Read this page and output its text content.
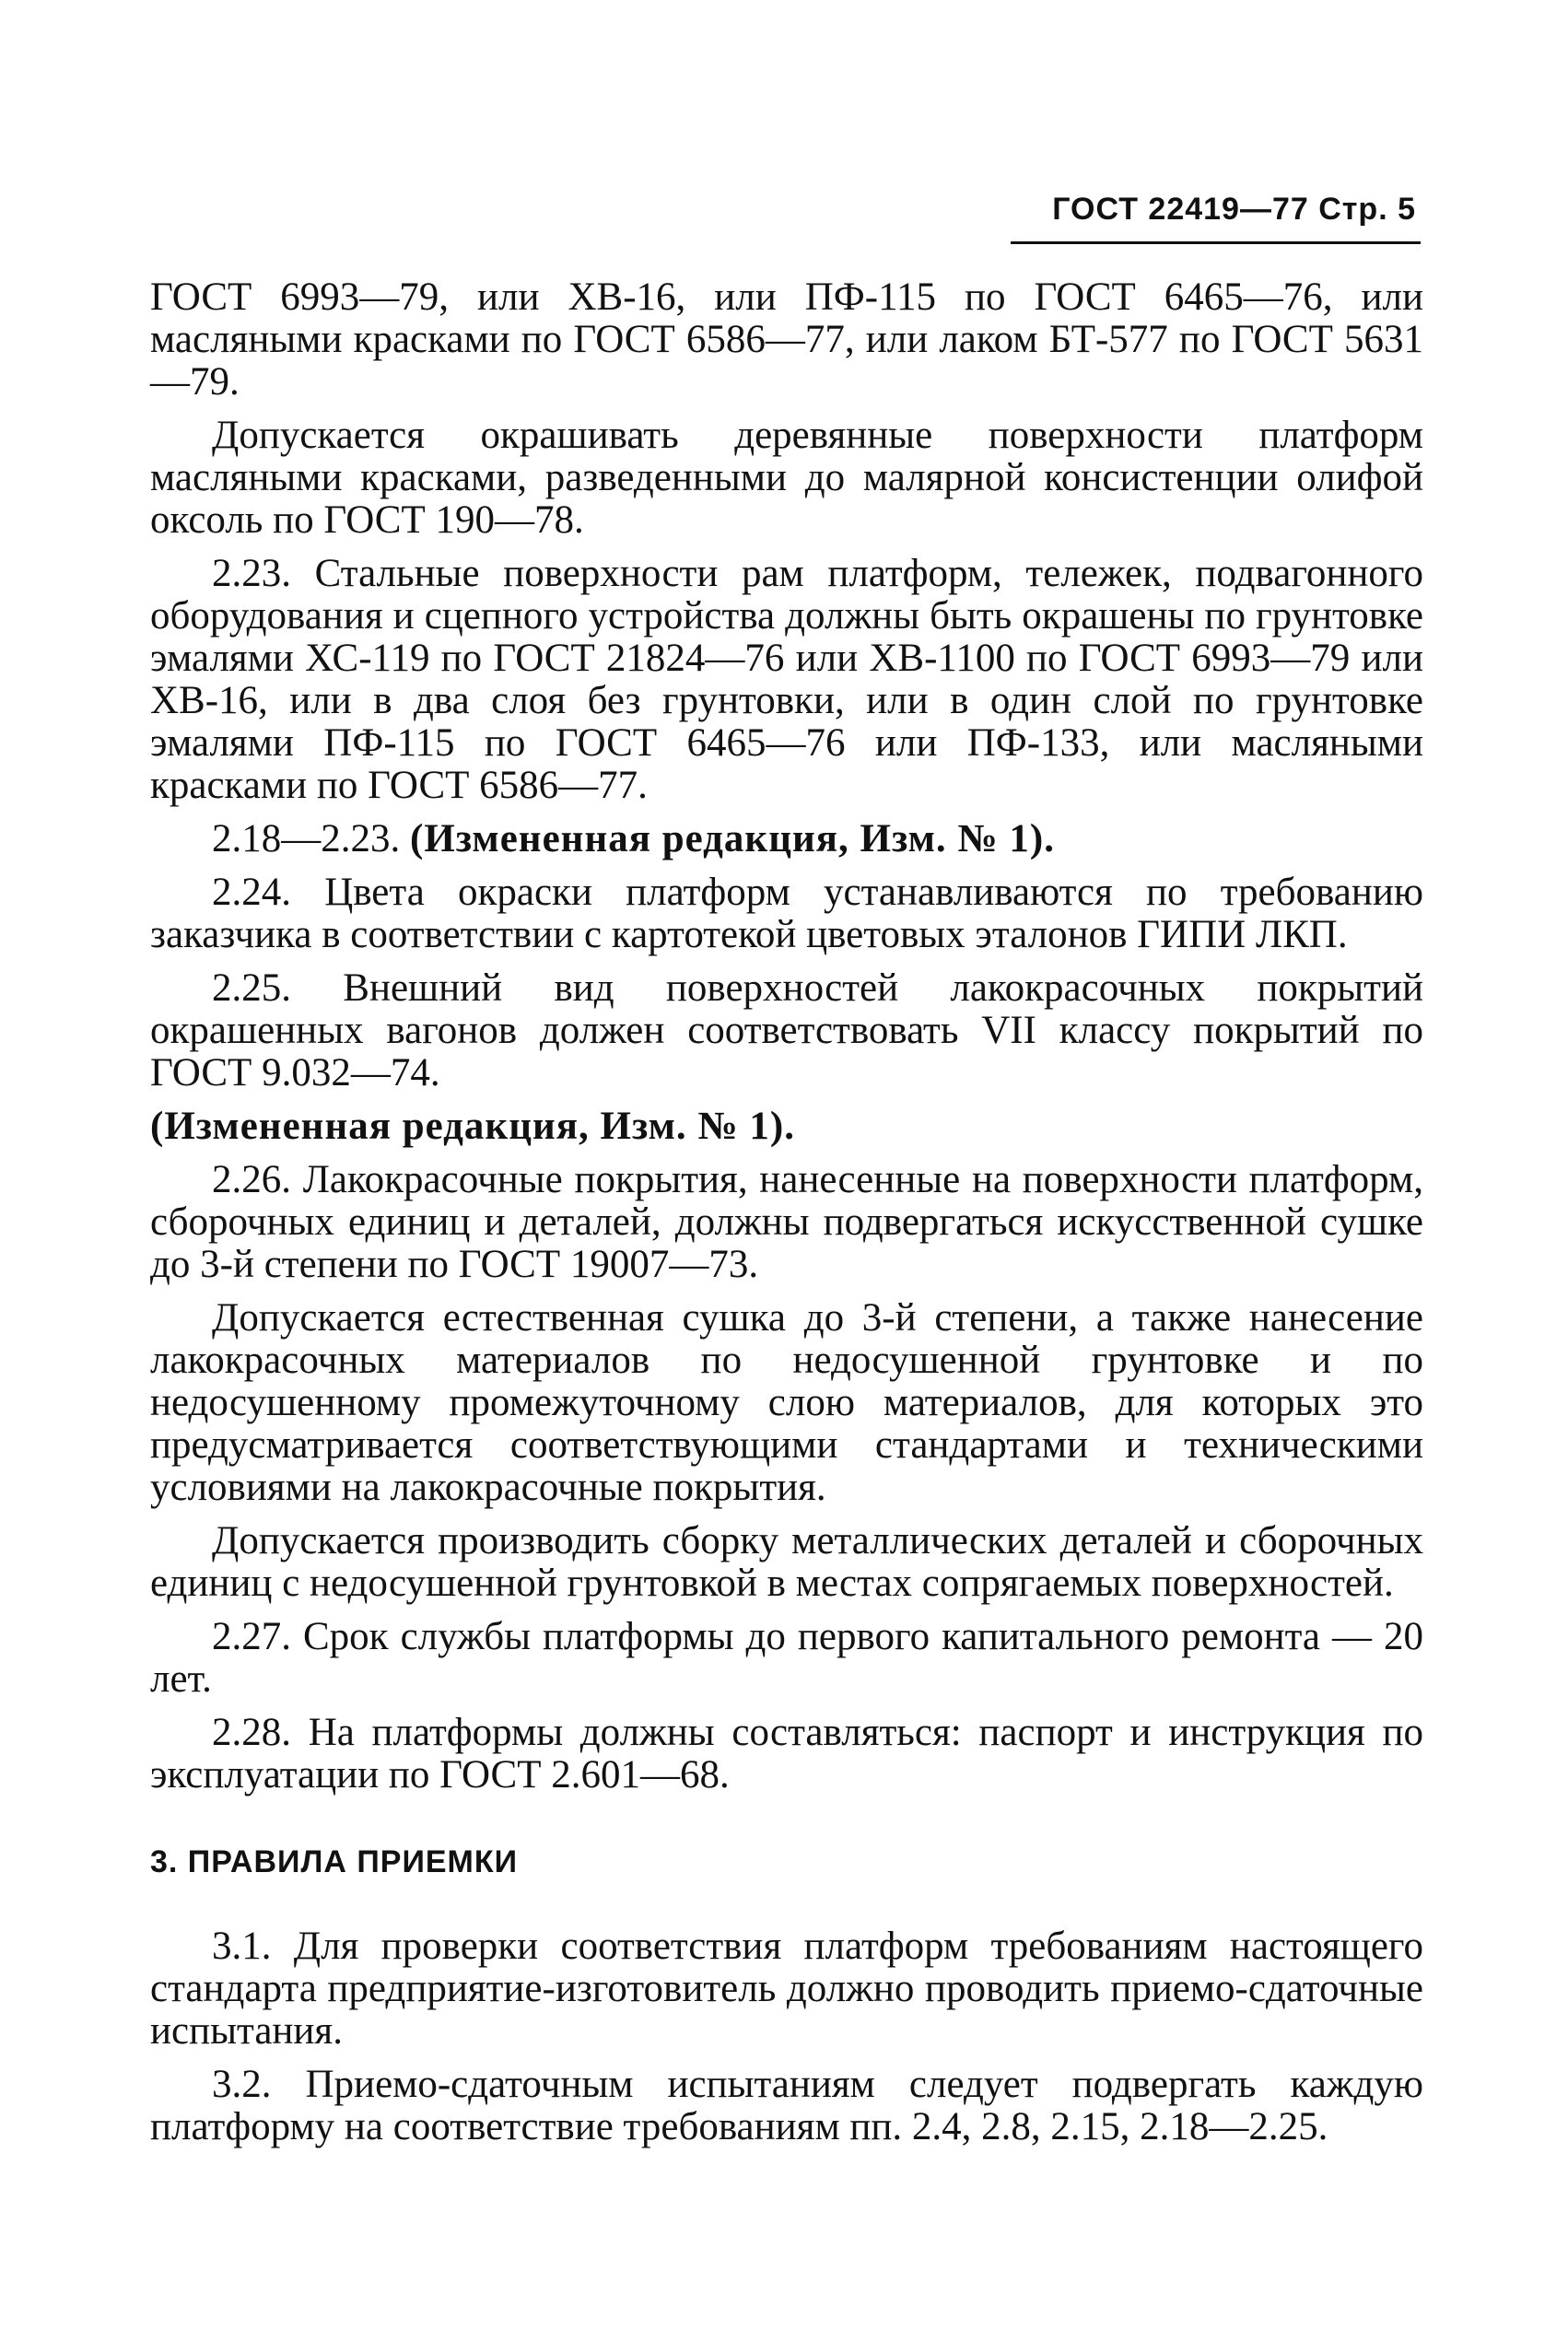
ГОСТ 22419—77 Стр. 5

ГОСТ 6993—79, или ХВ-16, или ПФ-115 по ГОСТ 6465—76, или масляными красками по ГОСТ 6586—77, или лаком БТ-577 по ГОСТ 5631—79.

Допускается окрашивать деревянные поверхности платформ масляными красками, разведенными до малярной консистенции олифой оксоль по ГОСТ 190—78.

2.23. Стальные поверхности рам платформ, тележек, подвагонного оборудования и сцепного устройства должны быть окрашены по грунтовке эмалями ХС-119 по ГОСТ 21824—76 или ХВ-1100 по ГОСТ 6993—79 или ХВ-16, или в два слоя без грунтовки, или в один слой по грунтовке эмалями ПФ-115 по ГОСТ 6465—76 или ПФ-133, или масляными красками по ГОСТ 6586—77.

2.18—2.23. (Измененная редакция, Изм. № 1).

2.24. Цвета окраски платформ устанавливаются по требованию заказчика в соответствии с картотекой цветовых эталонов ГИПИ ЛКП.

2.25. Внешний вид поверхностей лакокрасочных покрытий окрашенных вагонов должен соответствовать VII классу покрытий по ГОСТ 9.032—74.

(Измененная редакция, Изм. № 1).

2.26. Лакокрасочные покрытия, нанесенные на поверхности платформ, сборочных единиц и деталей, должны подвергаться искусственной сушке до 3-й степени по ГОСТ 19007—73.

Допускается естественная сушка до 3-й степени, а также нанесение лакокрасочных материалов по недосушенной грунтовке и по недосушенному промежуточному слою материалов, для которых это предусматривается соответствующими стандартами и техническими условиями на лакокрасочные покрытия.

Допускается производить сборку металлических деталей и сборочных единиц с недосушенной грунтовкой в местах сопрягаемых поверхностей.

2.27. Срок службы платформы до первого капитального ремонта — 20 лет.

2.28. На платформы должны составляться: паспорт и инструкция по эксплуатации по ГОСТ 2.601—68.

3. ПРАВИЛА ПРИЕМКИ

3.1. Для проверки соответствия платформ требованиям настоящего стандарта предприятие-изготовитель должно проводить приемо-сдаточные испытания.

3.2. Приемо-сдаточным испытаниям следует подвергать каждую платформу на соответствие требованиям пп. 2.4, 2.8, 2.15, 2.18—2.25.
